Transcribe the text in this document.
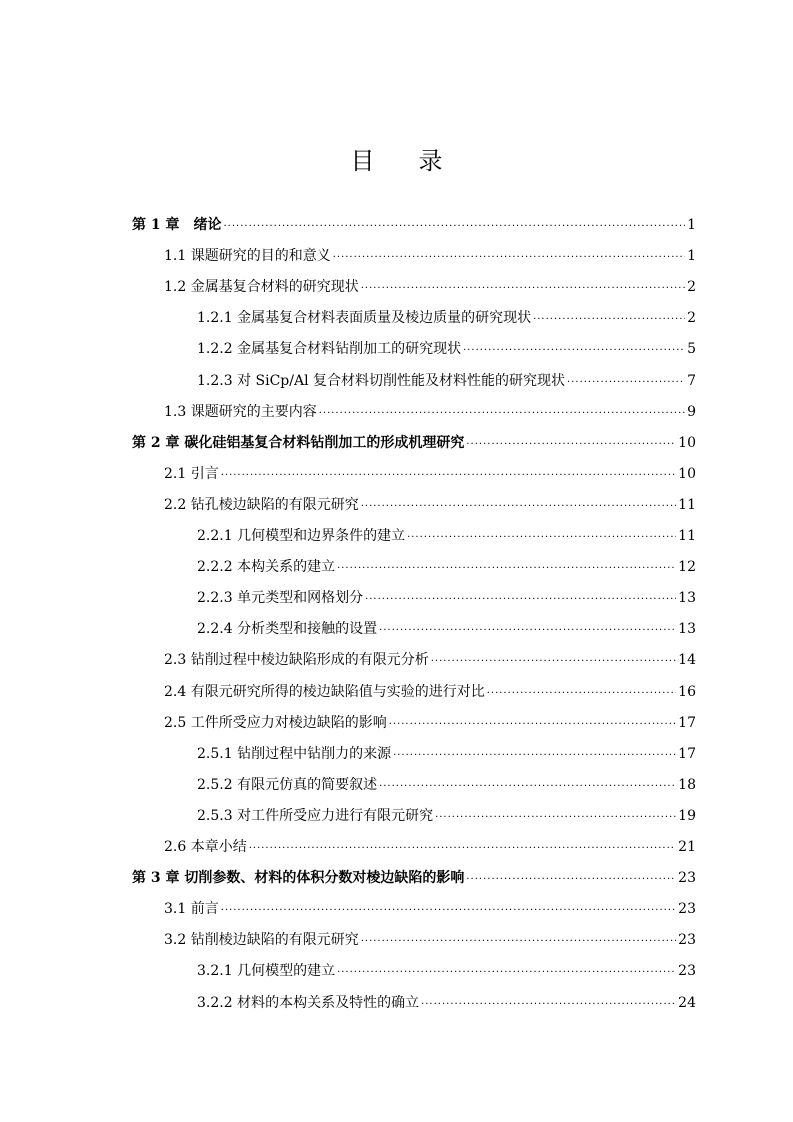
目 录
第 1 章　绪论 ·····	1
1.1 课题研究的目的和意义 ·····	1
1.2 金属基复合材料的研究现状 ·····	2
1.2.1 金属基复合材料表面质量及棱边质量的研究现状 ·····	2
1.2.2 金属基复合材料钻削加工的研究现状 ·····	5
1.2.3 对 SiCp/Al 复合材料切削性能及材料性能的研究现状 ·····	7
1.3 课题研究的主要内容 ·····	9
第 2 章 碳化硅铝基复合材料钻削加工的形成机理研究 ·····	10
2.1 引言 ·····	10
2.2 钻孔棱边缺陷的有限元研究 ·····	11
2.2.1 几何模型和边界条件的建立 ·····	11
2.2.2 本构关系的建立 ·····	12
2.2.3 单元类型和网格划分 ·····	13
2.2.4 分析类型和接触的设置 ·····	13
2.3 钻削过程中棱边缺陷形成的有限元分析 ·····	14
2.4 有限元研究所得的棱边缺陷值与实验的进行对比 ·····	16
2.5 工件所受应力对棱边缺陷的影响 ·····	17
2.5.1 钻削过程中钻削力的来源 ·····	17
2.5.2 有限元仿真的简要叙述 ·····	18
2.5.3 对工件所受应力进行有限元研究 ·····	19
2.6 本章小结 ·····	21
第 3 章 切削参数、材料的体积分数对棱边缺陷的影响 ·····	23
3.1 前言 ·····	23
3.2 钻削棱边缺陷的有限元研究 ·····	23
3.2.1 几何模型的建立 ·····	23
3.2.2 材料的本构关系及特性的确立 ·····	24
